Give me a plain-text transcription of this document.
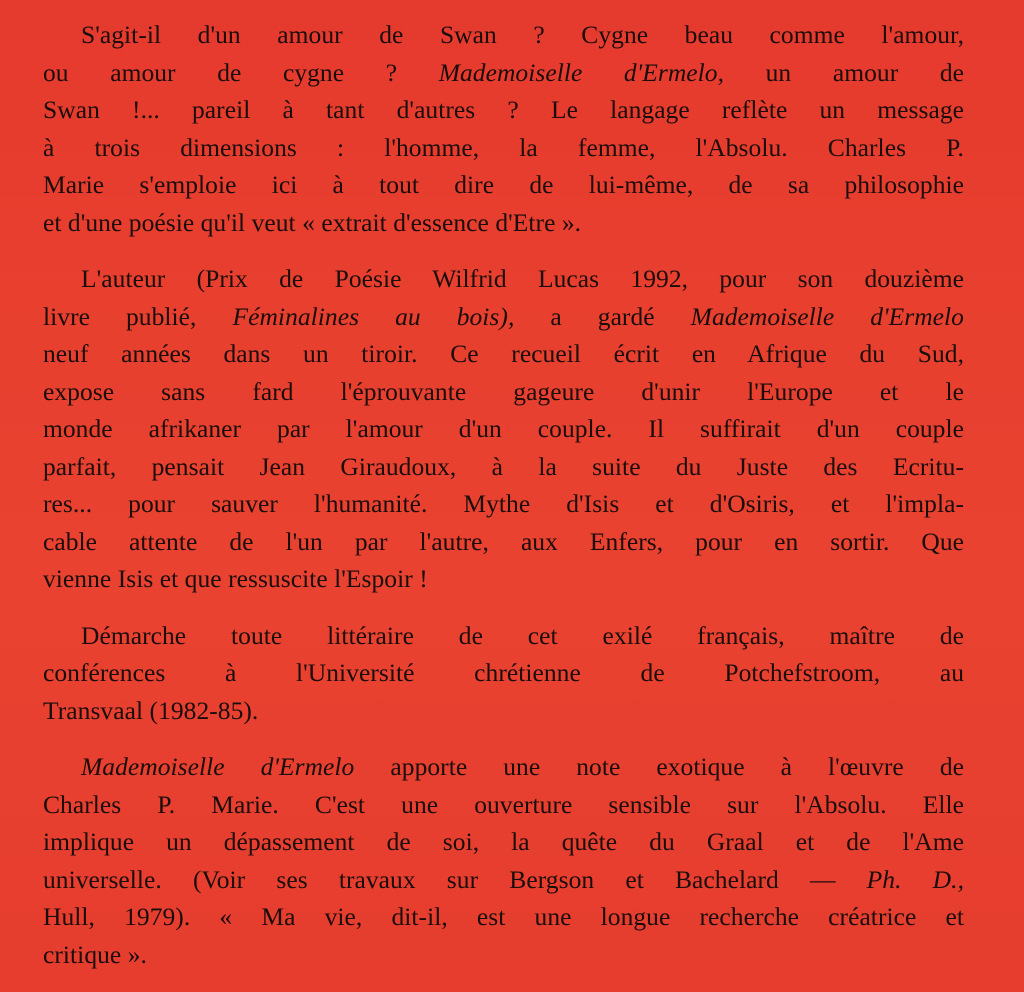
S'agit-il d'un amour de Swan ? Cygne beau comme l'amour,
ou amour de cygne ? Mademoiselle d'Ermelo, un amour de
Swan !... pareil à tant d'autres ? Le langage reflète un message
à trois dimensions : l'homme, la femme, l'Absolu. Charles P.
Marie s'emploie ici à tout dire de lui-même, de sa philosophie
et d'une poésie qu'il veut « extrait d'essence d'Etre ».
L'auteur (Prix de Poésie Wilfrid Lucas 1992, pour son douzième
livre publié, Féminalines au bois), a gardé Mademoiselle d'Ermelo
neuf années dans un tiroir. Ce recueil écrit en Afrique du Sud,
expose sans fard l'éprouvante gageure d'unir l'Europe et le
monde afrikaner par l'amour d'un couple. Il suffirait d'un couple
parfait, pensait Jean Giraudoux, à la suite du Juste des Ecritu-
res... pour sauver l'humanité. Mythe d'Isis et d'Osiris, et l'impla-
cable attente de l'un par l'autre, aux Enfers, pour en sortir. Que
vienne Isis et que ressuscite l'Espoir !
Démarche toute littéraire de cet exilé français, maître de
conférences à l'Université chrétienne de Potchefstroom, au
Transvaal (1982-85).
Mademoiselle d'Ermelo apporte une note exotique à l'œuvre de
Charles P. Marie. C'est une ouverture sensible sur l'Absolu. Elle
implique un dépassement de soi, la quête du Graal et de l'Ame
universelle. (Voir ses travaux sur Bergson et Bachelard — Ph. D.,
Hull, 1979). « Ma vie, dit-il, est une longue recherche créatrice et
critique ».
